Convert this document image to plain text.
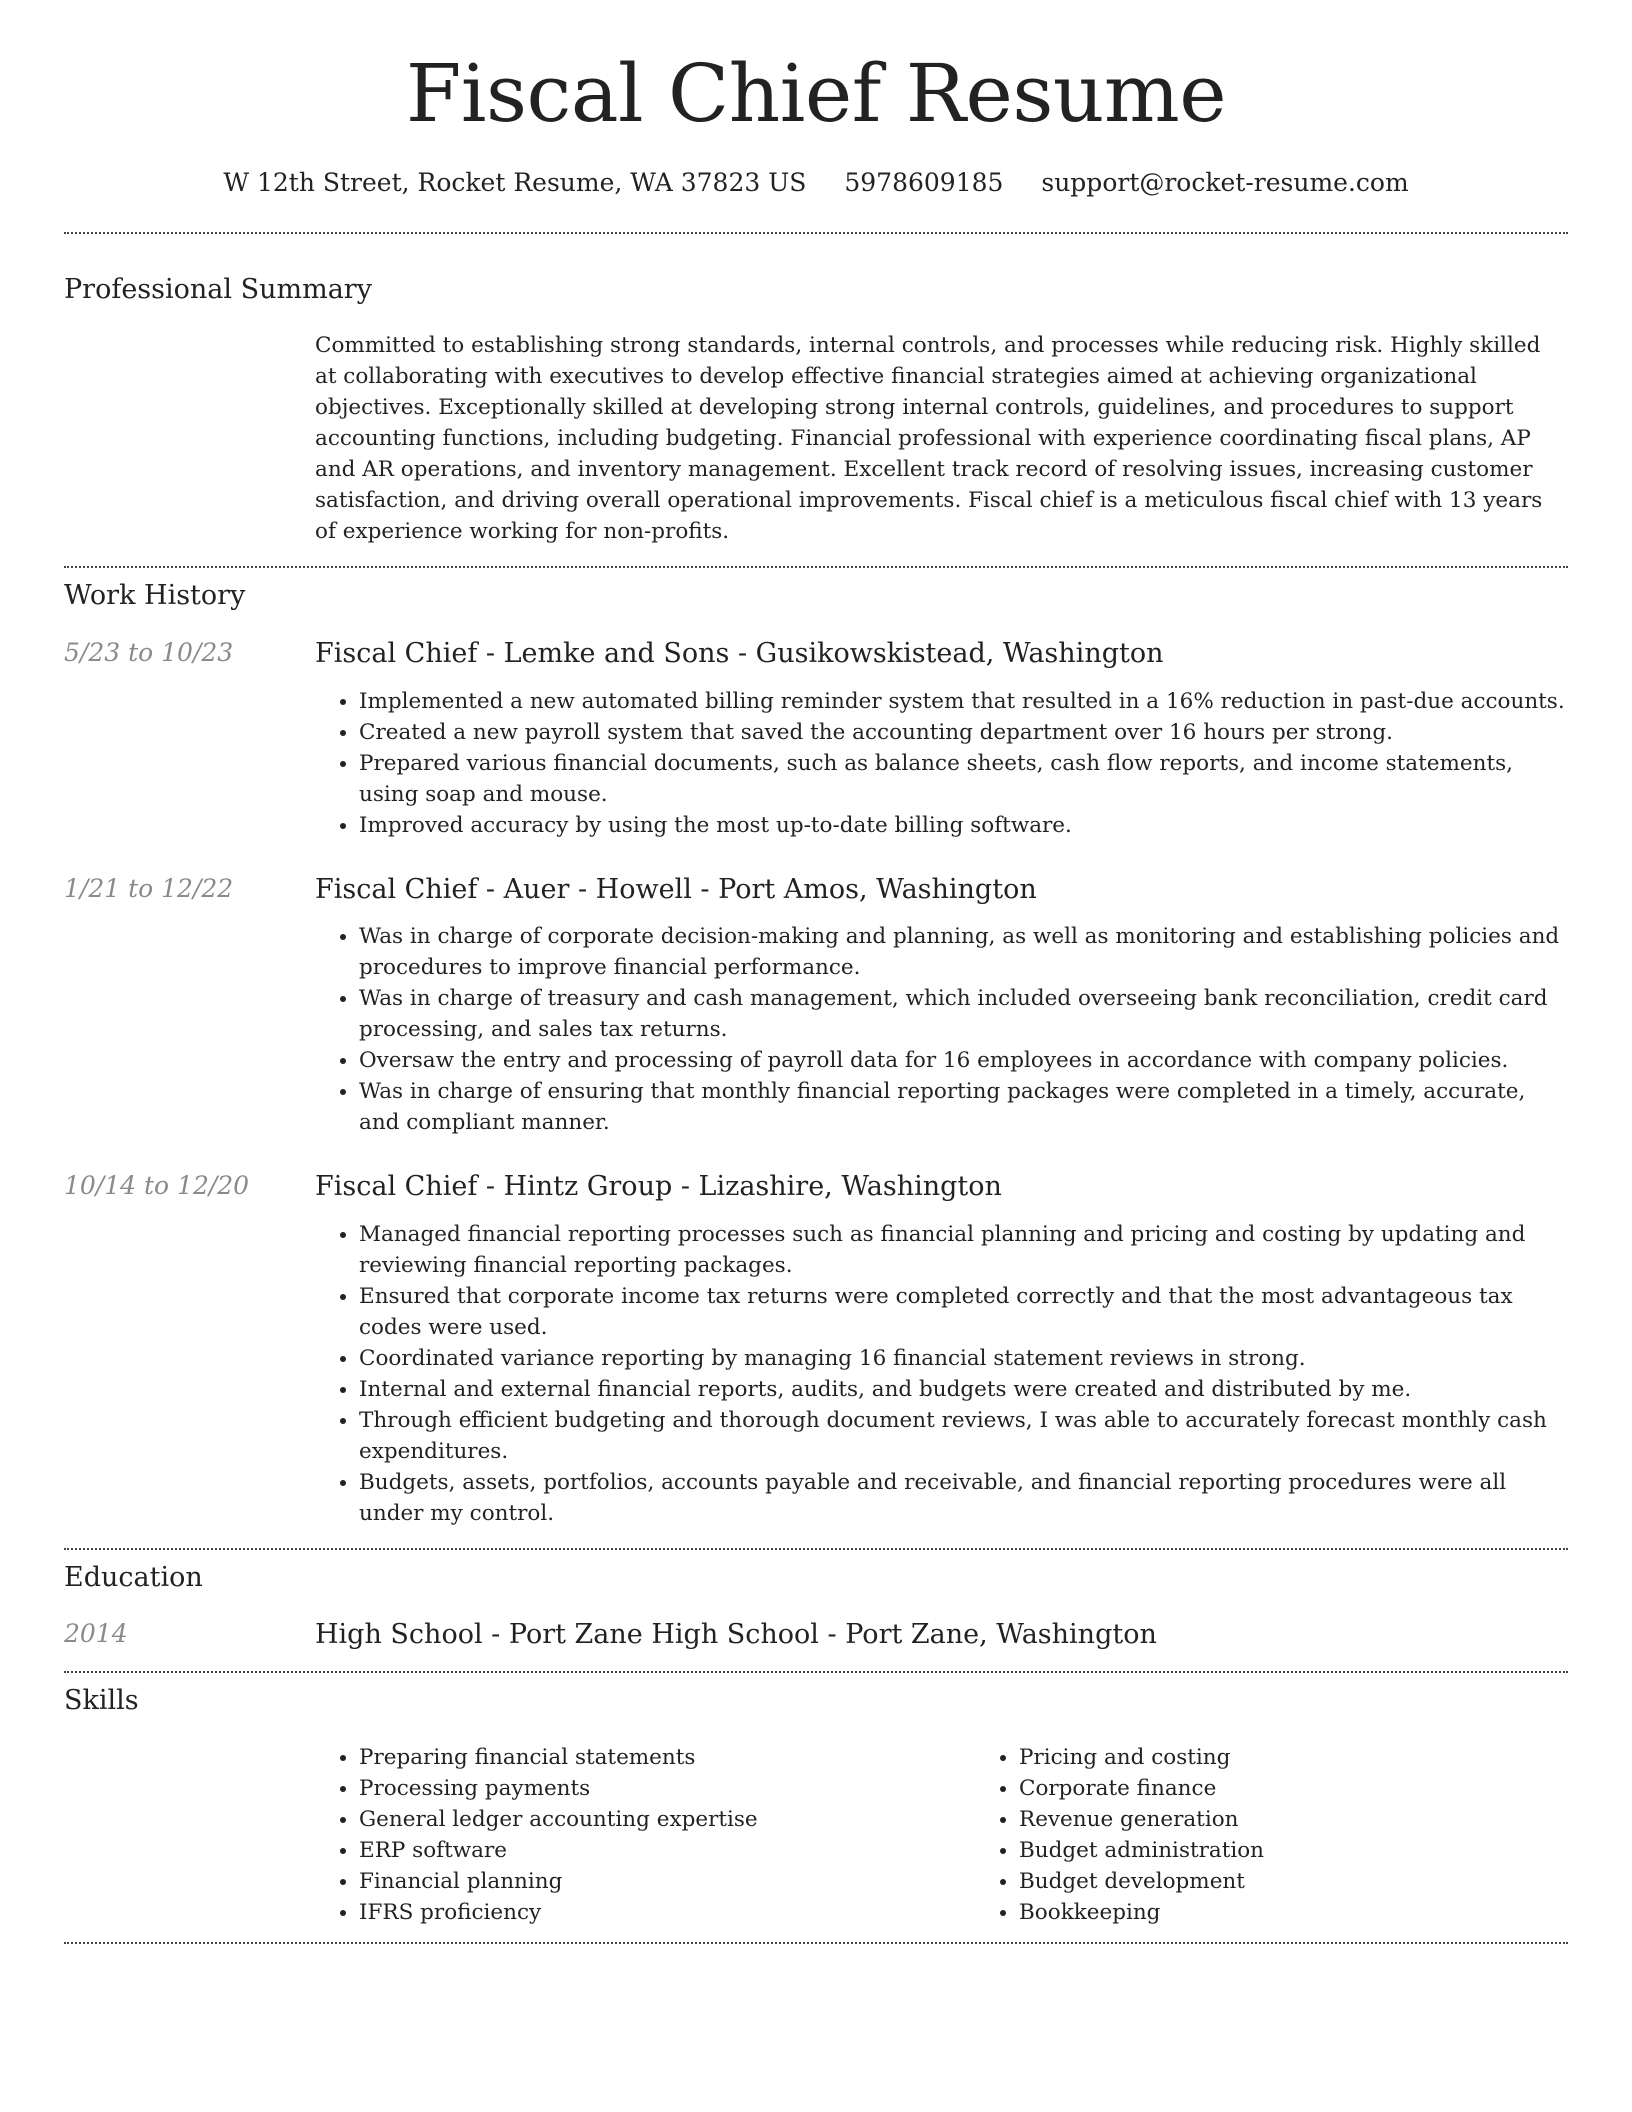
Fiscal Chief Resume
W 12th Street, Rocket Resume, WA 37823 US 5978609185 support@rocket-resume.com
Professional Summary
Committed to establishing strong standards, internal controls, and processes while reducing risk. Highly skilled at collaborating with executives to develop effective financial strategies aimed at achieving organizational objectives. Exceptionally skilled at developing strong internal controls, guidelines, and procedures to support accounting functions, including budgeting. Financial professional with experience coordinating fiscal plans, AP and AR operations, and inventory management. Excellent track record of resolving issues, increasing customer satisfaction, and driving overall operational improvements. Fiscal chief is a meticulous fiscal chief with 13 years of experience working for non-profits.
Work History
5/23 to 10/23	Fiscal Chief - Lemke and Sons - Gusikowskistead, Washington
• Implemented a new automated billing reminder system that resulted in a 16% reduction in past-due accounts.
• Created a new payroll system that saved the accounting department over 16 hours per strong.
• Prepared various financial documents, such as balance sheets, cash flow reports, and income statements, using soap and mouse.
• Improved accuracy by using the most up-to-date billing software.
1/21 to 12/22	Fiscal Chief - Auer - Howell - Port Amos, Washington
• Was in charge of corporate decision-making and planning, as well as monitoring and establishing policies and procedures to improve financial performance.
• Was in charge of treasury and cash management, which included overseeing bank reconciliation, credit card processing, and sales tax returns.
• Oversaw the entry and processing of payroll data for 16 employees in accordance with company policies.
• Was in charge of ensuring that monthly financial reporting packages were completed in a timely, accurate, and compliant manner.
10/14 to 12/20	Fiscal Chief - Hintz Group - Lizashire, Washington
• Managed financial reporting processes such as financial planning and pricing and costing by updating and reviewing financial reporting packages.
• Ensured that corporate income tax returns were completed correctly and that the most advantageous tax codes were used.
• Coordinated variance reporting by managing 16 financial statement reviews in strong.
• Internal and external financial reports, audits, and budgets were created and distributed by me.
• Through efficient budgeting and thorough document reviews, I was able to accurately forecast monthly cash expenditures.
• Budgets, assets, portfolios, accounts payable and receivable, and financial reporting procedures were all under my control.
Education
2014	High School - Port Zane High School - Port Zane, Washington
Skills
• Preparing financial statements
• Processing payments
• General ledger accounting expertise
• ERP software
• Financial planning
• IFRS proficiency
• Pricing and costing
• Corporate finance
• Revenue generation
• Budget administration
• Budget development
• Bookkeeping
